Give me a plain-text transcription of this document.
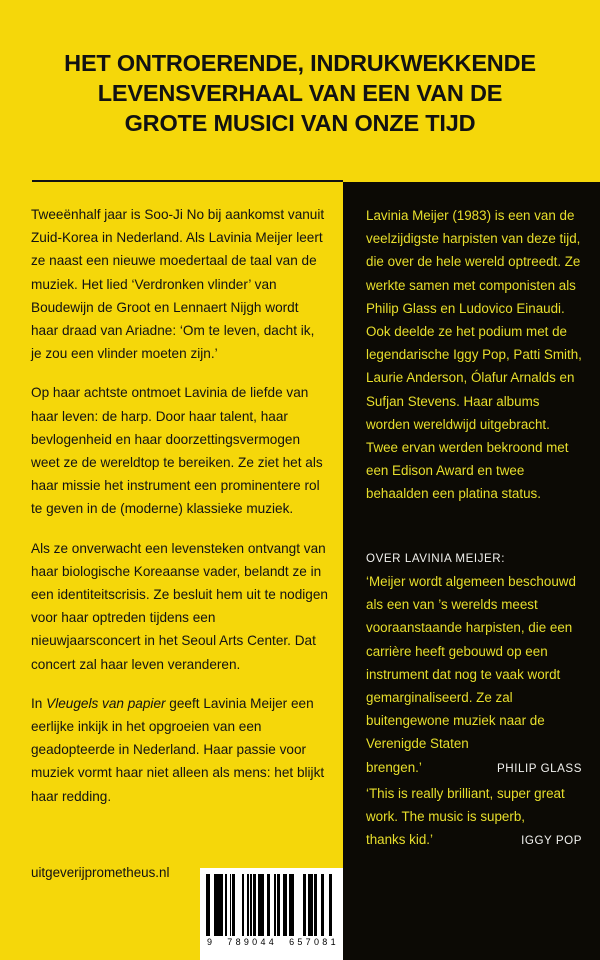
HET ONTROERENDE, INDRUKWEKKENDE
LEVENSVERHAAL VAN EEN VAN DE
GROTE MUSICI VAN ONZE TIJD

Tweeënhalf jaar is Soo-Ji No bij aankomst vanuit Zuid-Korea in Nederland. Als Lavinia Meijer leert ze naast een nieuwe moedertaal de taal van de muziek. Het lied ‘Verdronken vlinder’ van Boudewijn de Groot en Lennaert Nijgh wordt haar draad van Ariadne: ‘Om te leven, dacht ik, je zou een vlinder moeten zijn.’

Op haar achtste ontmoet Lavinia de liefde van haar leven: de harp. Door haar talent, haar bevlogenheid en haar doorzettingsvermogen weet ze de wereldtop te bereiken. Ze ziet het als haar missie het instrument een prominentere rol te geven in de (moderne) klassieke muziek.

Als ze onverwacht een levensteken ontvangt van haar biologische Koreaanse vader, belandt ze in een identiteitscrisis. Ze besluit hem uit te nodigen voor haar optreden tijdens een nieuwjaarsconcert in het Seoul Arts Center. Dat concert zal haar leven veranderen.

In Vleugels van papier geeft Lavinia Meijer een eerlijke inkijk in het opgroeien van een geadopteerde in Nederland. Haar passie voor muziek vormt haar niet alleen als mens: het blijkt haar redding.

Lavinia Meijer (1983) is een van de veelzijdigste harpisten van deze tijd, die over de hele wereld optreedt. Ze werkte samen met componisten als Philip Glass en Ludovico Einaudi. Ook deelde ze het podium met de legendarische Iggy Pop, Patti Smith, Laurie Anderson, Ólafur Arnalds en Sufjan Stevens. Haar albums worden wereldwijd uitgebracht. Twee ervan werden bekroond met een Edison Award en twee behaalden een platina status.

OVER LAVINIA MEIJER:
‘Meijer wordt algemeen beschouwd als een van ’s werelds meest vooraanstaande harpisten, die een carrière heeft gebouwd op een instrument dat nog te vaak wordt gemarginaliseerd. Ze zal buitengewone muziek naar de Verenigde Staten
brengen.’	PHILIP GLASS
‘This is really brilliant, super great work. The music is superb,
thanks kid.’	IGGY POP
uitgeverijprometheus.nl
9 7 8 9 0 4 4 6 5 7 0 8 1
